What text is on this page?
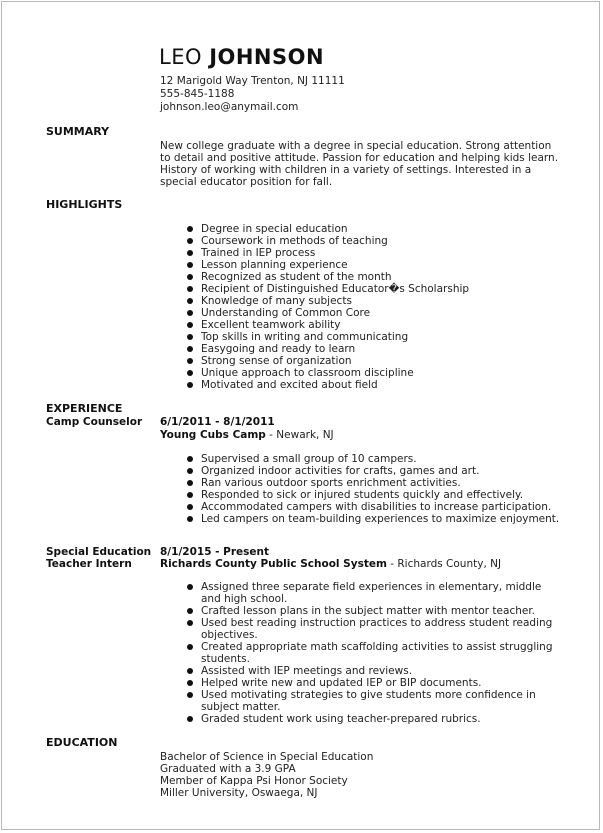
LEO JOHNSON
12 Marigold Way Trenton, NJ 11111
555-845-1188
johnson.leo@anymail.com
SUMMARY
New college graduate with a degree in special education. Strong attention to detail and positive attitude. Passion for education and helping kids learn. History of working with children in a variety of settings. Interested in a special educator position for fall.
HIGHLIGHTS
Degree in special education
Coursework in methods of teaching
Trained in IEP process
Lesson planning experience
Recognized as student of the month
Recipient of Distinguished Educator�s Scholarship
Knowledge of many subjects
Understanding of Common Core
Excellent teamwork ability
Top skills in writing and communicating
Easygoing and ready to learn
Strong sense of organization
Unique approach to classroom discipline
Motivated and excited about field
EXPERIENCE
Camp Counselor	6/1/2011 - 8/1/2011
Young Cubs Camp - Newark, NJ
Supervised a small group of 10 campers.
Organized indoor activities for crafts, games and art.
Ran various outdoor sports enrichment activities.
Responded to sick or injured students quickly and effectively.
Accommodated campers with disabilities to increase participation.
Led campers on team-building experiences to maximize enjoyment.
Special Education Teacher Intern
8/1/2015 - Present
Richards County Public School System - Richards County, NJ
Assigned three separate field experiences in elementary, middle and high school.
Crafted lesson plans in the subject matter with mentor teacher.
Used best reading instruction practices to address student reading objectives.
Created appropriate math scaffolding activities to assist struggling students.
Assisted with IEP meetings and reviews.
Helped write new and updated IEP or BIP documents.
Used motivating strategies to give students more confidence in subject matter.
Graded student work using teacher-prepared rubrics.
EDUCATION
Bachelor of Science in Special Education
Graduated with a 3.9 GPA
Member of Kappa Psi Honor Society
Miller University, Oswaega, NJ
